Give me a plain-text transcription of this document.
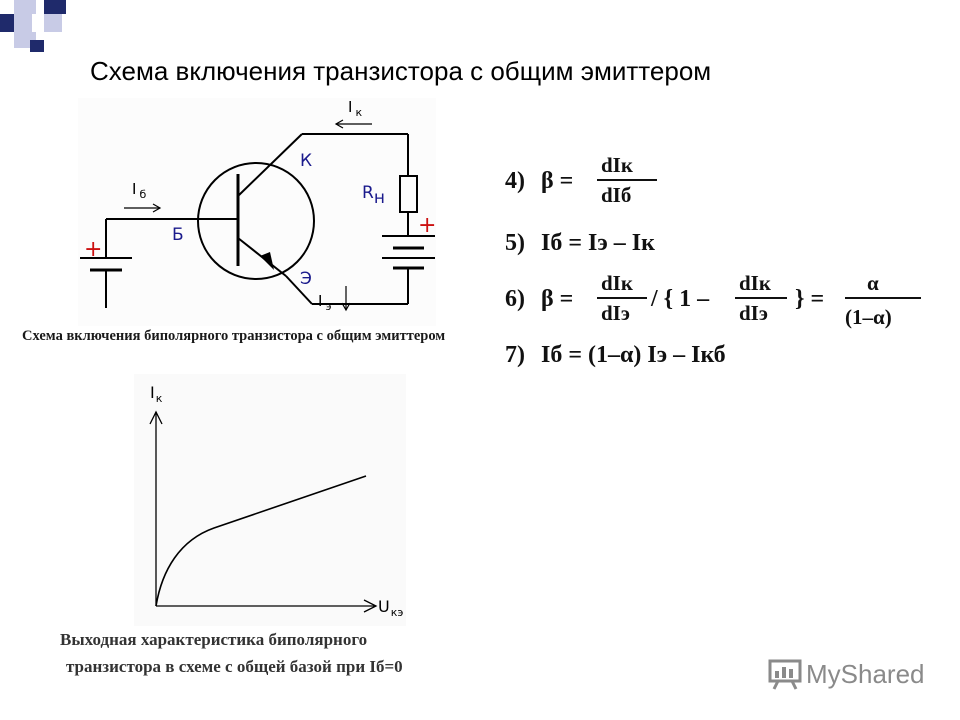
Схема включения транзистора с общим эмиттером
I $_к$
I $_б$
I $_э$
К
Б
Э
Rн
+
+
Схема включения биполярного транзистора с общим эмиттером
4) β =
dIк
dIб
5) Iб = Iэ – Iк
6) β =
dIк
dIэ
/ { 1 –
dIк
dIэ
} =
α
(1–α)
7) Iб = (1–α) Iэ – Iкб
$I_к$
$U_{кэ}$
Выходная характеристика биполярного
транзистора в схеме с общей базой при Iб=0	MyShared
